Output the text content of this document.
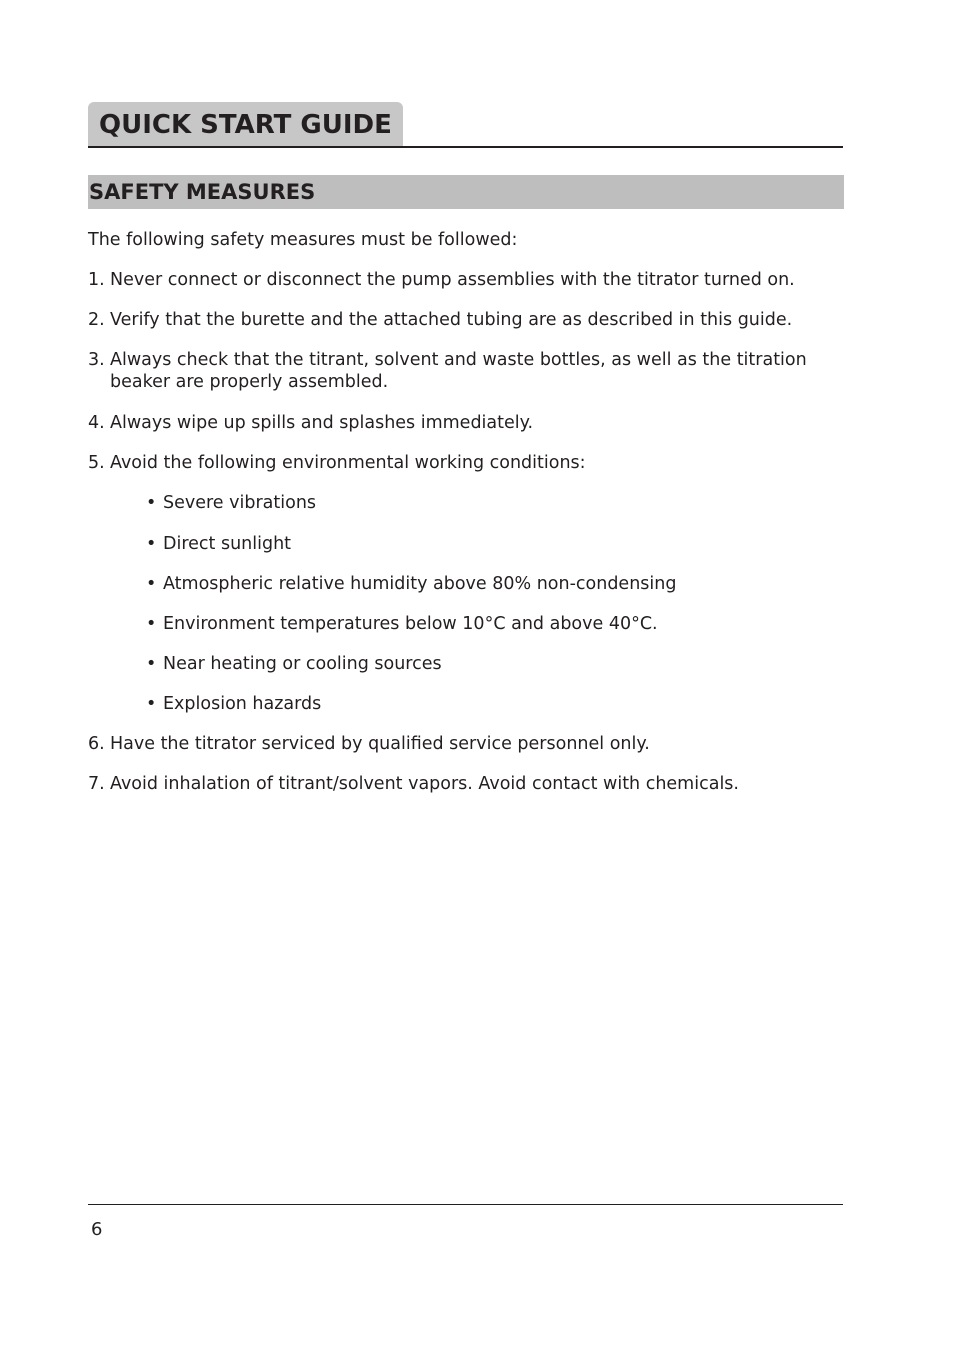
QUICK START GUIDE
SAFETY MEASURES
The following safety measures must be followed:
1. Never connect or disconnect the pump assemblies with the titrator turned on.
2. Verify that the burette and the attached tubing are as described in this guide.
3. Always check that the titrant, solvent and waste bottles, as well as the titration beaker are properly assembled.
4. Always wipe up spills and splashes immediately.
5. Avoid the following environmental working conditions:
• Severe vibrations
• Direct sunlight
• Atmospheric relative humidity above 80% non-condensing
• Environment temperatures below 10°C and above 40°C.
• Near heating or cooling sources
• Explosion hazards
6. Have the titrator serviced by qualified service personnel only.
7. Avoid inhalation of titrant/solvent vapors. Avoid contact with chemicals.
6
